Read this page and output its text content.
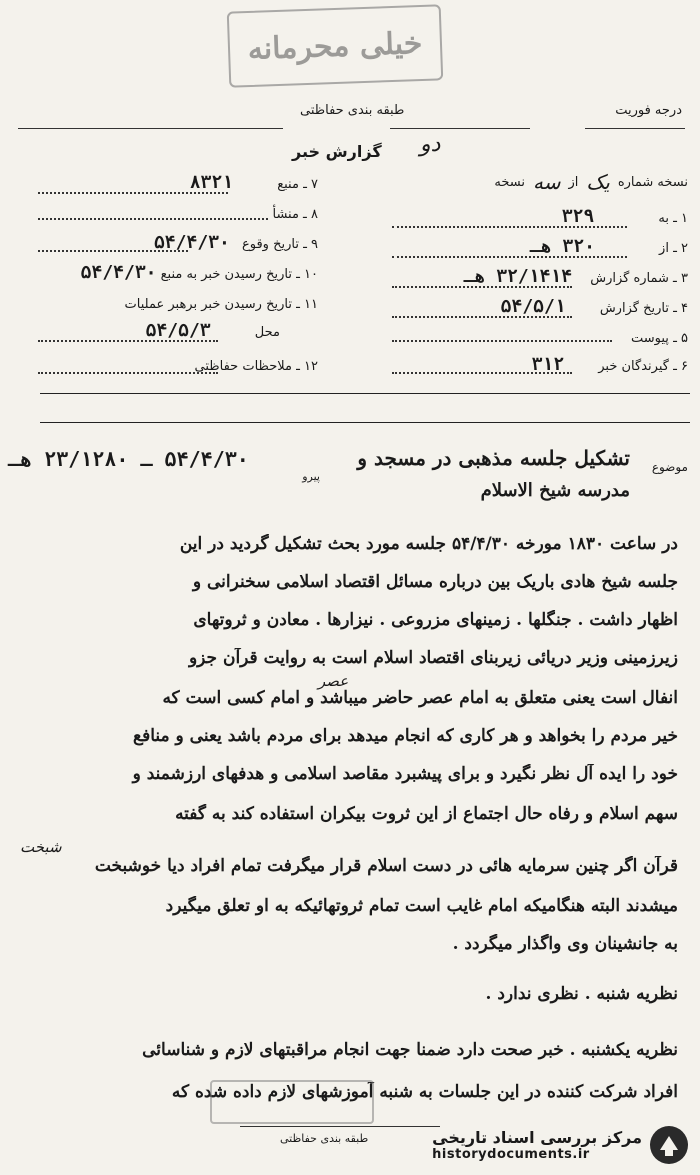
خیلی محرمانه
درجه فوریت
طبقه بندی حفاظتی
دو
گزارش خبر
نسخه شماره
یک
از
سه
نسخه
۱ ـ به ۳۲۹
۲ ـ از ۳۲۰ هـ
۳ ـ شماره گزارش ۳۲/۱۴۱۴ هـ
۴ ـ تاریخ گزارش ۵۴/۵/۱
۵ ـ پیوست
۶ ـ گیرندگان خبر ۳۱۲
۷ ـ منبع ۸۳۲۱
۸ ـ منشأ
۹ ـ تاریخ وقوع ۵۴/۴/۳۰
۱۰ ـ تاریخ رسیدن خبر به منبع ۵۴/۴/۳۰
۱۱ ـ تاریخ رسیدن خبر برهبر عملیات
محل ۵۴/۵/۳
۱۲ ـ ملاحظات حفاظتی
موضوع
تشکیل جلسه مذهبی در مسجد و
۵۴/۴/۳۰ ـ ۲۳/۱۲۸۰ هـ
پیرو
مدرسه شیخ الاسلام
در ساعت ۱۸۳۰ مورخه ۵۴/۴/۳۰ جلسه مورد بحث تشکیل گردید در این
جلسه شیخ هادی باریک بین درباره مسائل اقتصاد اسلامی سخنرانی و
اظهار داشت . جنگلها . زمینهای مزروعی . نیزارها . معادن و ثروتهای
زیرزمینی وزیر دریائی زیربنای اقتصاد اسلام است به روایت قرآن جزو
انفال است یعنی متعلق به امام عصر حاضر میباشد و امام کسی است که
عصر
خیر مردم را بخواهد و هر کاری که انجام میدهد برای مردم باشد یعنی و منافع
خود را ایده آل نظر نگیرد و برای پیشبرد مقاصد اسلامی و هدفهای ارزشمند و
سهم اسلام و رفاه حال اجتماع از این ثروت بیکران استفاده کند به گفته
شبخت
قرآن اگر چنین سرمایه هائی در دست اسلام قرار میگرفت تمام افراد دیا خوشبخت
میشدند البته هنگامیکه امام غایب است تمام ثروتهائیکه به او تعلق میگیرد
به جانشینان وی واگذار میگردد .
نظریه شنبه . نظری ندارد .
نظریه یکشنبه . خبر صحت دارد ضمنا جهت انجام مراقبتهای لازم و شناسائی
افراد شرکت کننده در این جلسات به شنبه آموزشهای لازم داده شده که
طبقه بندی حفاظتی	مرکز بررسی اسناد تاریخی
historydocuments.ir
